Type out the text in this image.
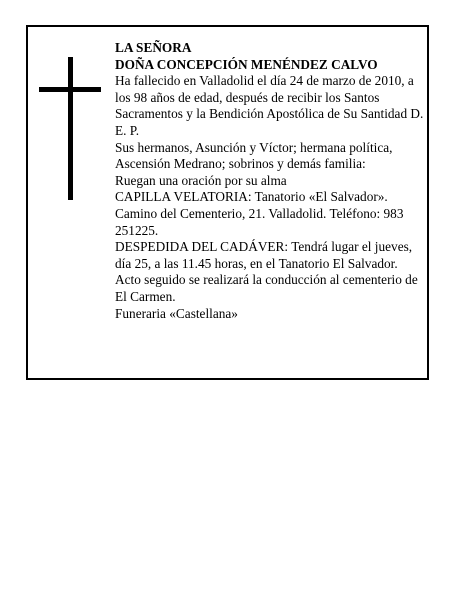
LA SEÑORA

DOÑA CONCEPCIÓN MENÉNDEZ CALVO

Ha fallecido en Valladolid el día 24 de marzo de 2010, a los 98 años de edad, después de recibir los Santos Sacramentos y la Bendición Apostólica de Su Santidad D. E. P.

Sus hermanos, Asunción y Víctor; hermana política, Ascensión Medrano; sobrinos y demás familia:

Ruegan una oración por su alma

CAPILLA VELATORIA: Tanatorio «El Salvador». Camino del Cementerio, 21. Valladolid. Teléfono: 983 251225.

DESPEDIDA DEL CADÁVER: Tendrá lugar el jueves, día 25, a las 11.45 horas, en el Tanatorio El Salvador. Acto seguido se realizará la conducción al cementerio de El Carmen.

Funeraria «Castellana»
